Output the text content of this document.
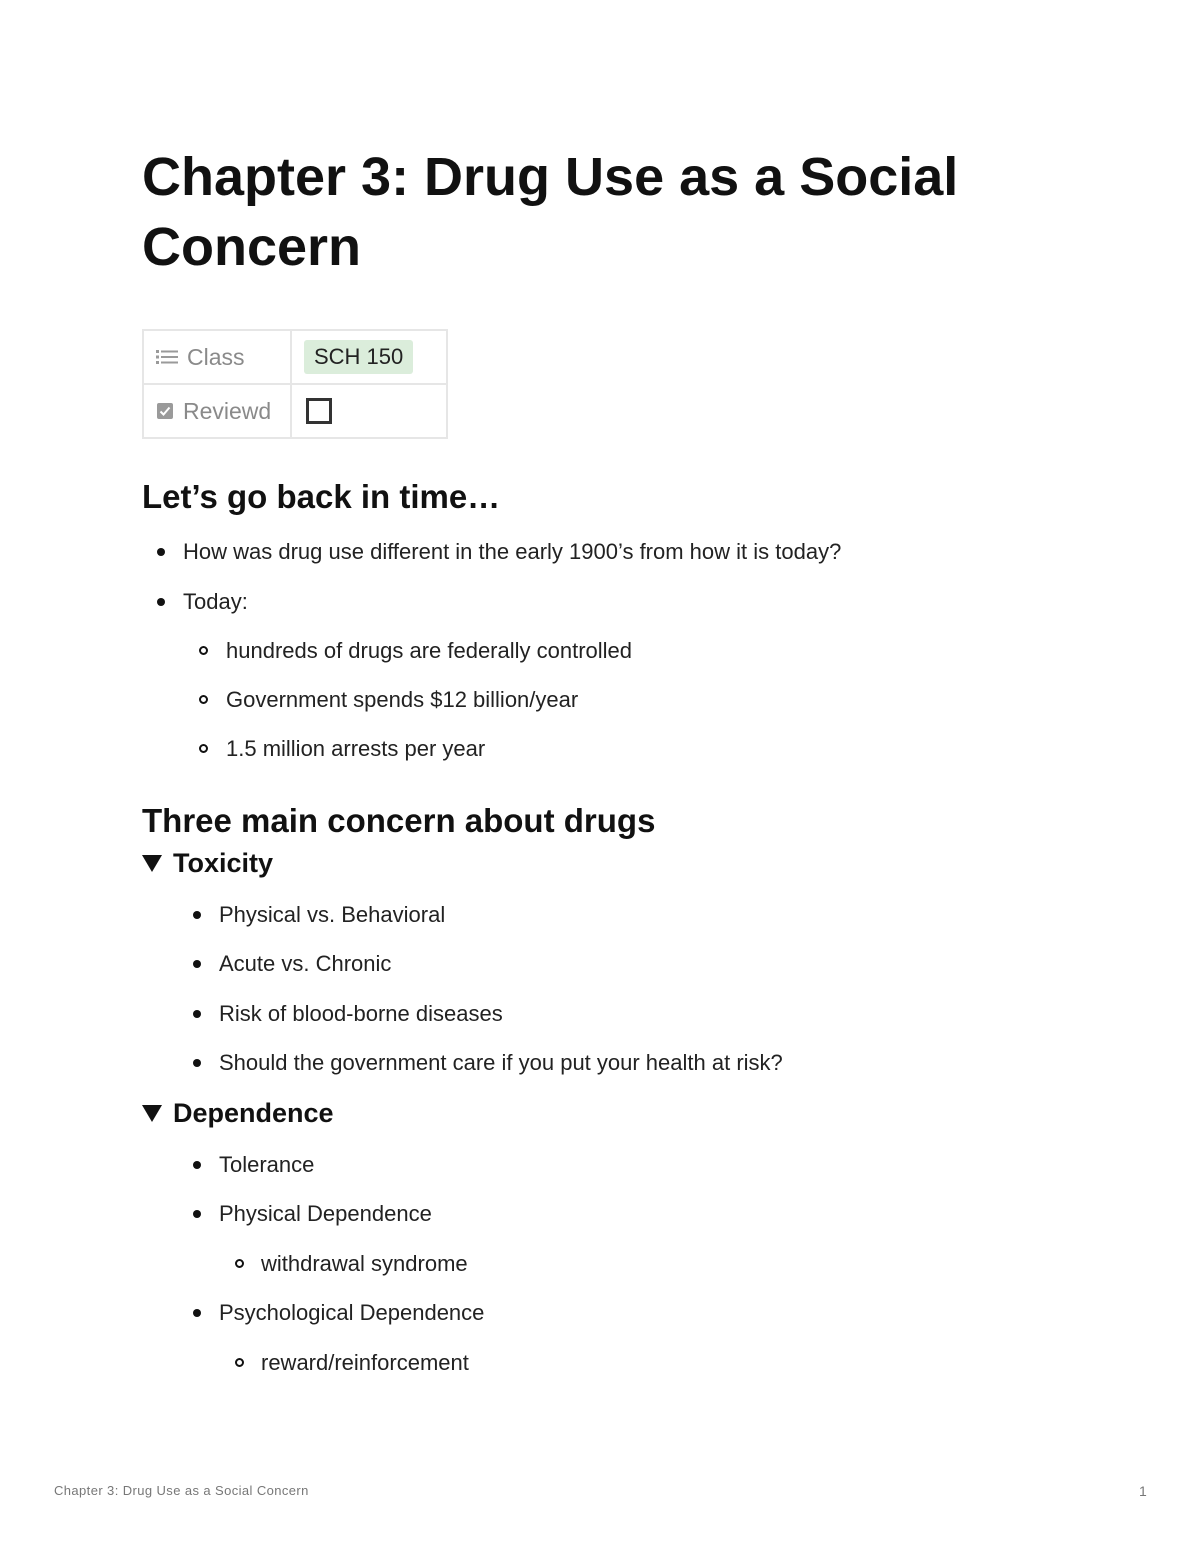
Chapter 3: Drug Use as a Social Concern
Class	SCH 150

Reviewd	

Let’s go back in time…
How was drug use different in the early 1900’s from how it is today?
Today:
hundreds of drugs are federally controlled
Government spends $12 billion/year
1.5 million arrests per year
Three main concern about drugs
Toxicity
Physical vs. Behavioral
Acute vs. Chronic
Risk of blood-borne diseases
Should the government care if you put your health at risk?
Dependence
Tolerance
Physical Dependence
withdrawal syndrome
Psychological Dependence
reward/reinforcement
Chapter 3: Drug Use as a Social Concern	1
